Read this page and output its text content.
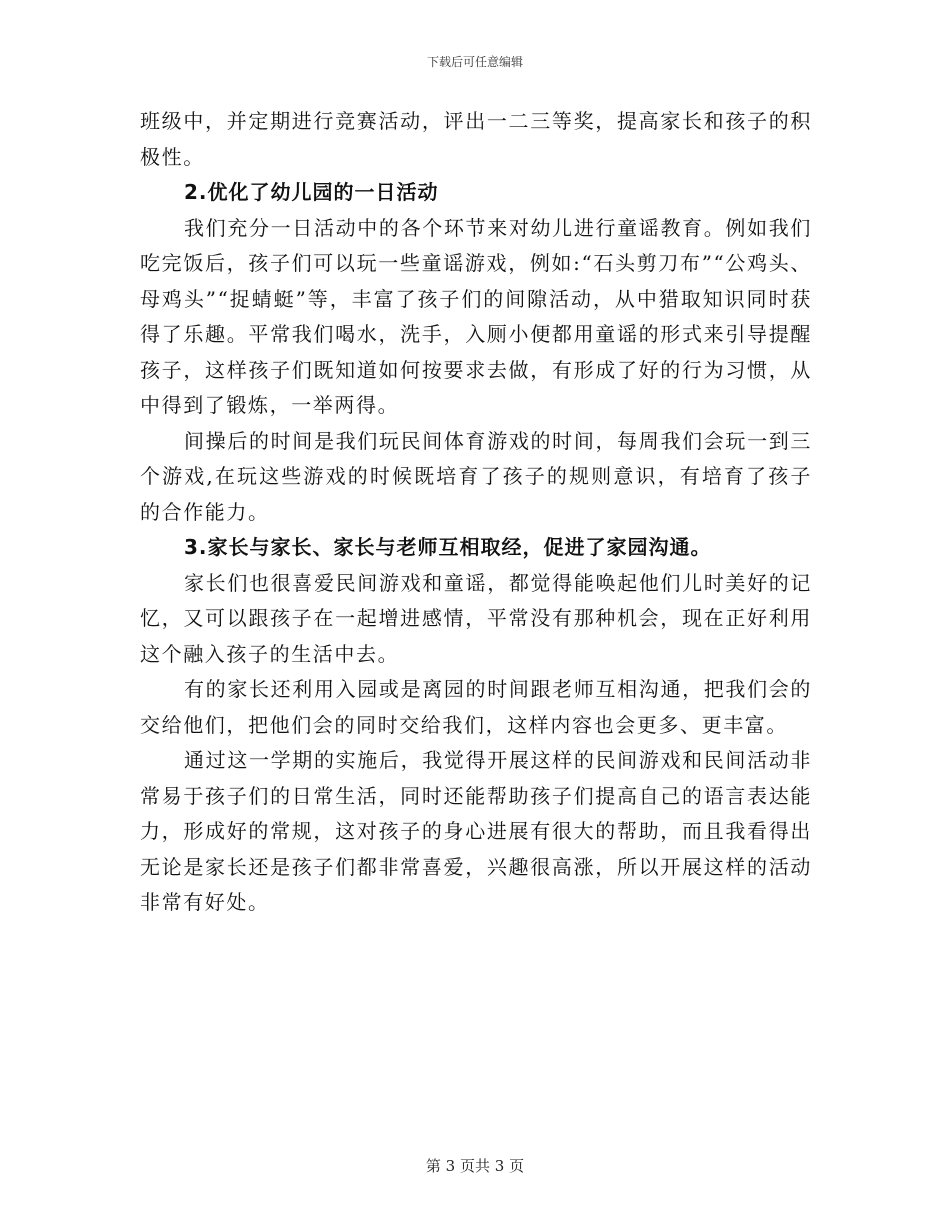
下载后可任意编辑

班级中，并定期进行竞赛活动，评出一二三等奖，提高家长和孩子的积极性。

2.优化了幼儿园的一日活动

我们充分一日活动中的各个环节来对幼儿进行童谣教育。例如我们吃完饭后，孩子们可以玩一些童谣游戏，例如:“石头剪刀布”“公鸡头、母鸡头”“捉蜻蜓”等，丰富了孩子们的间隙活动，从中猎取知识同时获得了乐趣。平常我们喝水，洗手，入厕小便都用童谣的形式来引导提醒孩子，这样孩子们既知道如何按要求去做，有形成了好的行为习惯，从中得到了锻炼，一举两得。

间操后的时间是我们玩民间体育游戏的时间，每周我们会玩一到三个游戏,在玩这些游戏的时候既培育了孩子的规则意识，有培育了孩子的合作能力。

3.家长与家长、家长与老师互相取经，促进了家园沟通。

家长们也很喜爱民间游戏和童谣，都觉得能唤起他们儿时美好的记忆，又可以跟孩子在一起增进感情，平常没有那种机会，现在正好利用这个融入孩子的生活中去。

有的家长还利用入园或是离园的时间跟老师互相沟通，把我们会的交给他们，把他们会的同时交给我们，这样内容也会更多、更丰富。

通过这一学期的实施后，我觉得开展这样的民间游戏和民间活动非常易于孩子们的日常生活，同时还能帮助孩子们提高自己的语言表达能力，形成好的常规，这对孩子的身心进展有很大的帮助，而且我看得出无论是家长还是孩子们都非常喜爱，兴趣很高涨，所以开展这样的活动非常有好处。

第 3 页共 3 页
